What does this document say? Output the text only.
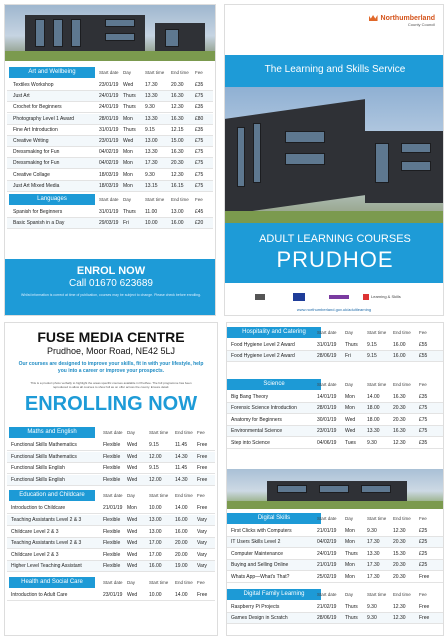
ENROL NOW
Call 01670 623689
Whilst information is correct at time of publication, courses may be subject to change. Please check before enrolling.
Art and Wellbeing	Start date Day	Start time End time Fee
Textiles Workshop	23/01/19 Wed 17.30	20.30 £35
Just Art	24/01/19 Thurs 13.30	16.30 £75
Crochet for Beginners	24/01/19 Thurs 9.30	12.30 £35
Photography Level 1 Award	28/01/19 Mon 13.30	16.30 £80
Fine Art Introduction	31/01/19 Thurs 9.15	12.15 £35
Creative Writing	23/01/19 Wed 13.00	15.00 £75
Dressmaking for Fun	04/02/19 Mon 13.30	16.30 £75
Dressmaking for Fun	04/02/19 Mon 17.30	20.30 £75
Creative Collage	18/03/19 Mon 9.30	12.30 £75
Just Art Mixed Media	18/03/19 Mon 13.15	16.15 £75
Languages	Start date Day	Start time End time Fee
Spanish for Beginners	31/01/19 Thurs 11.00	13.00 £45
Basic Spanish in a Day	29/03/19 Fri	10.00	16.00 £20
Northumberland
County Council
The Learning and Skills Service
ADULT LEARNING COURSES
PRUDHOE
Learning & Skills
www.northumberland.gov.uk/adultlearning
FUSE MEDIA CENTRE
Prudhoe, Moor Road, NE42 5LJ
Our courses are designed to improve your skills, fit in with your lifestyle, help you into a career or improve your prospects.
This is a product photo verbally to highlight the areas specific courses available in Prudhoe. The full programme has been reproduced to allow all courses to show full as on offer across the county. Ensure detail.
ENROLLING NOW
Maths and English	Start date Day	Start time End time Fee
Functional Skills Mathematics	Flexible Wed 9.15	11.45 Free
Functional Skills Mathematics	Flexible Wed 12.00	14.30 Free
Functional Skills English	Flexible Wed 9.15	11.45 Free
Functional Skills English	Flexible Wed 12.00	14.30 Free
Education and Childcare	Start date Day	Start time End time Fee
Introduction to Childcare	21/01/19 Mon 10.00	14.00 Free
Teaching Assistants Level 2 & 3	Flexible Wed 13.00	16.00 Vary
Childcare Level 2 & 3	Flexible Wed 13.00	16.00 Vary
Teaching Assistants Level 2 & 3	Flexible Wed 17.00	20.00 Vary
Childcare Level 2 & 3	Flexible Wed 17.00	20.00 Vary
Higher Level Teaching Assistant	Flexible Wed 16.00	19.00 Vary
Health and Social Care	Start date Day	Start time End time Fee
Introduction to Adult Care	23/01/19 Wed 10.00	14.00 Free
Hospitality and Catering	Start date Day	Start time End time Fee
Food Hygiene Level 2 Award	31/01/19 Thurs 9.15	16.00	£55
Food Hygiene Level 2 Award	28/06/19 Fri	9.15	16.00	£55
Science	Start date Day	Start time End time Fee
Big Bang Theory	14/01/19 Mon 14.00	16.30	£35
Forensic Science Introduction	28/01/19 Mon 18.00	20.30	£75
Anatomy for Beginners	30/01/19 Wed 18.00	20.30	£75
Environmental Science	23/01/19 Wed 13.30	16.30	£75
Step into Science	04/06/19 Tues 9.30	12.30	£35
Digital Skills	Start date Day	Start time End time Fee
First Clicks with Computers	21/01/19 Mon 9.30	12.30	£25
IT Users Skills Level 2	04/02/19 Mon 17.30	20.30	£25
Computer Maintenance	24/01/19 Thurs 13.30	15.30	£25
Buying and Selling Online	21/01/19 Mon 17.30	20.30	£25
Whats App—What's That?	25/02/19 Mon 17.30	20.30	Free
Digital Family Learning	Start date Day	Start time End time Fee
Raspberry Pi Projects	21/02/19 Thurs 9.30	12.30	Free
Games Design in Scratch	28/06/19 Thurs 9.30	12.30	Free
